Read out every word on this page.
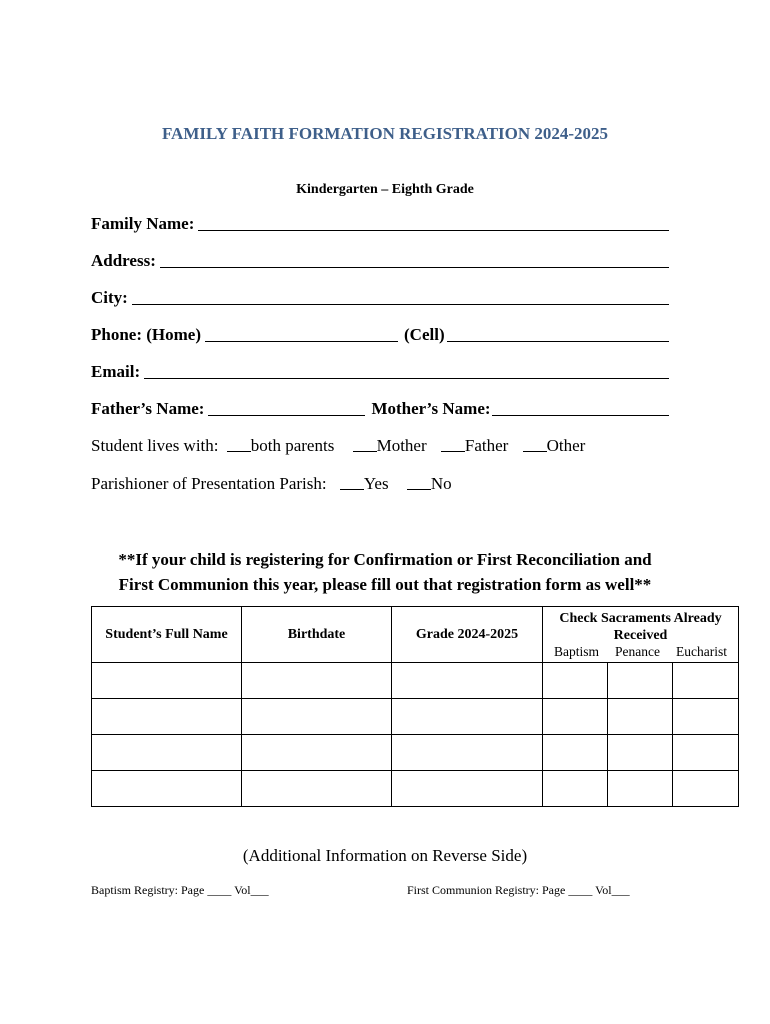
FAMILY FAITH FORMATION REGISTRATION 2024-2025
Kindergarten – Eighth Grade
Family Name:
Address:
City:
Phone: (Home)	(Cell)
Email:
Father’s Name:	Mother’s Name:
Student lives with: both parents Mother Father Other
Parishioner of Presentation Parish: Yes No
**If your child is registering for Confirmation or First Reconciliation and
First Communion this year, please fill out that registration form as well**
Student’s Full Name	Birthdate	Grade 2024-2025	Check Sacraments Already
Received
Baptism Penance Eucharist		

(Additional Information on Reverse Side)
Baptism Registry: Page ____ Vol___	First Communion Registry: Page ____ Vol___
